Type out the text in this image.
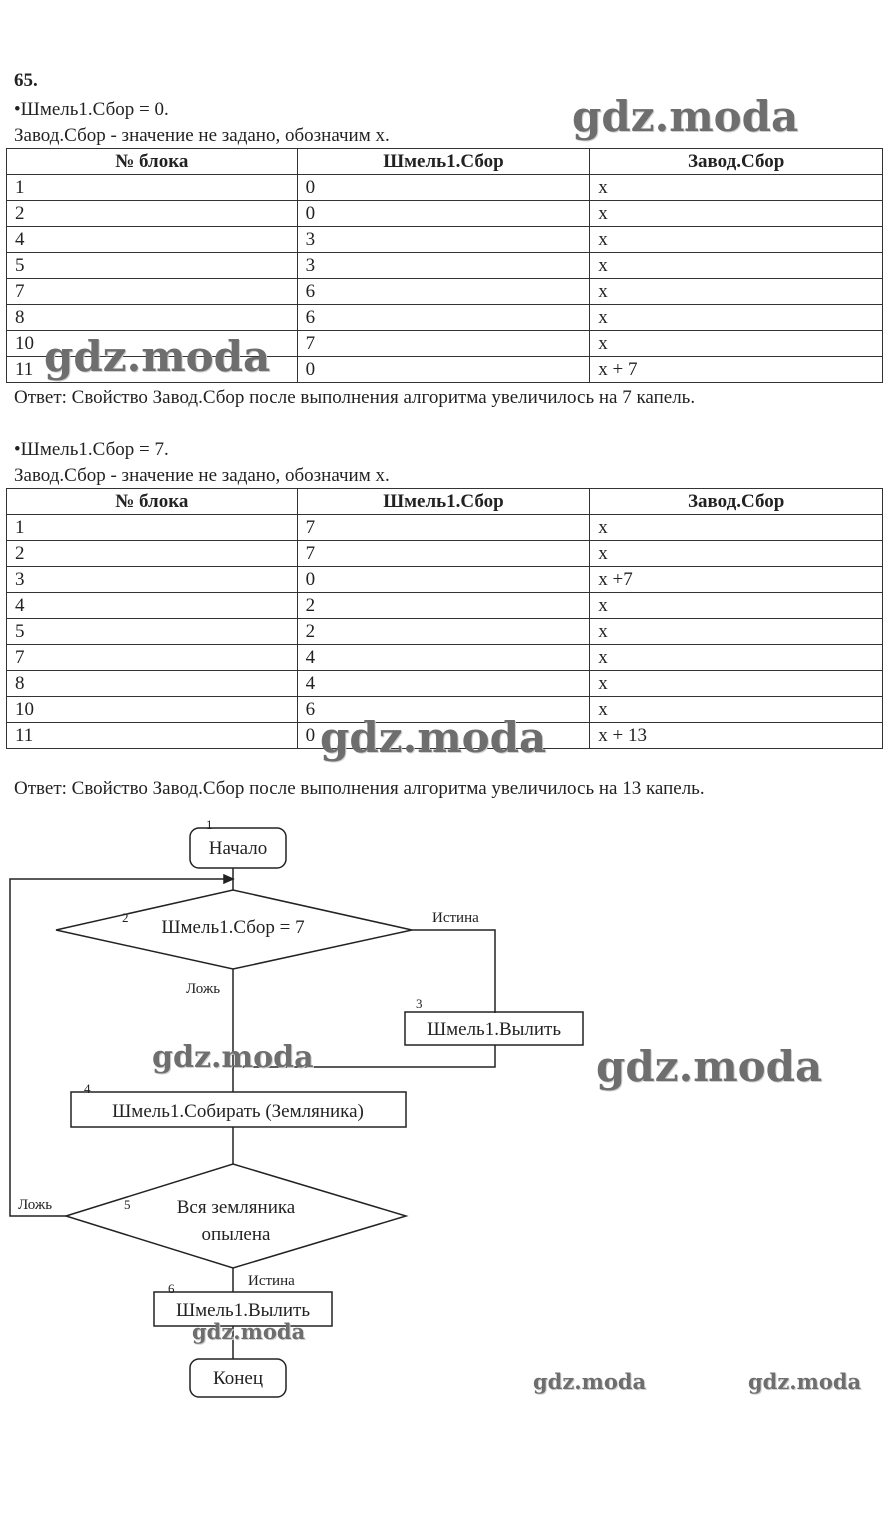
65.
•Шмель1.Сбор = 0.
Завод.Сбор - значение не задано, обозначим х.
№ блока	Шмель1.Сбор	Завод.Сбор
1	0	x
2	0	x
4	3	x
5	3	x
7	6	x
8	6	x
10	7	x
11	0	x + 7
Ответ: Свойство Завод.Сбор после выполнения алгоритма увеличилось на 7 капель.
•Шмель1.Сбор = 7.
Завод.Сбор - значение не задано, обозначим х.
№ блока	Шмель1.Сбор	Завод.Сбор
1	7	x
2	7	x
3	0	x +7
4	2	x
5	2	x
7	4	x
8	4	x
10	6	x
11	0	x + 13
Ответ: Свойство Завод.Сбор после выполнения алгоритма увеличилось на 13 капель.
1
Начало
2 Шмель1.Сбор = 7	Истина
Ложь
3
Шмель1.Вылить
4
Шмель1.Собирать (Земляника)
5 Вся земляника
опылена
Ложь
Истина
6
Шмель1.Вылить
Конец
gdz.moda
gdz.moda
gdz.moda
gdz.moda	gdz.moda
gdz.moda
gdz.moda	gdz.moda
